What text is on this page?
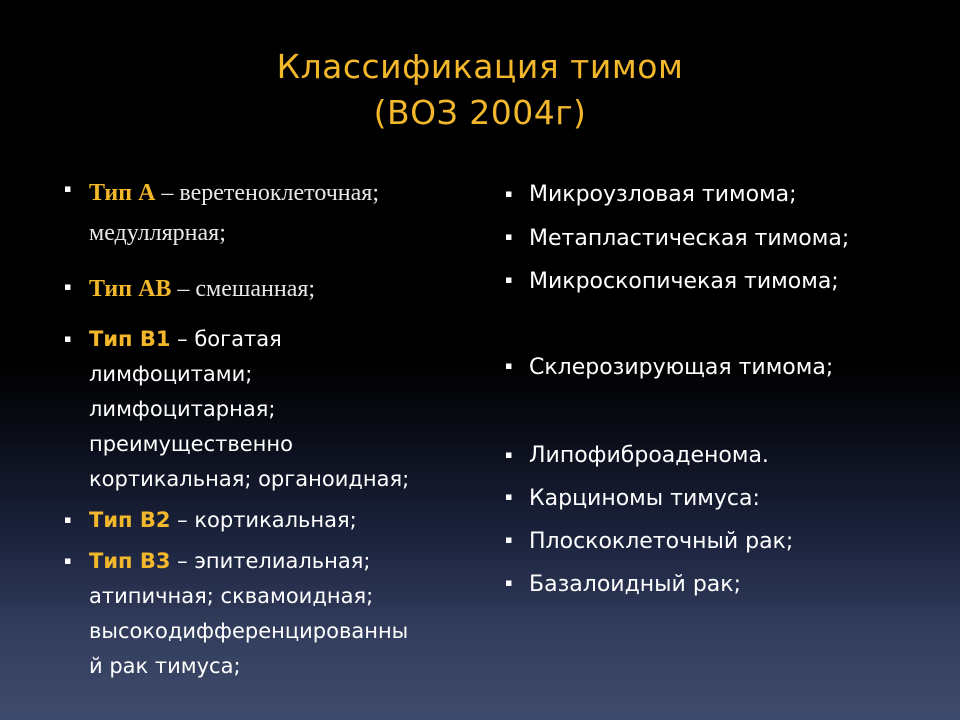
Классификация тимом
(ВОЗ 2004г)
▪ Тип А – веретеноклеточная;
медуллярная;
▪ Тип АВ – смешанная;
▪ Тип В1 – богатая
лимфоцитами;
лимфоцитарная;
преимущественно
кортикальная; органоидная;
▪ Тип В2 – кортикальная;
▪ Тип В3 – эпителиальная;
атипичная; сквамоидная;
высокодифференцированны
й рак тимуса;
▪ Микроузловая тимома;
▪ Метапластическая тимома;
▪ Микроскопичекая тимома;
▪ Склерозирующая тимома;
▪ Липофиброаденома.
▪ Карциномы тимуса:
▪ Плоскоклеточный рак;
▪ Базалоидный рак;
